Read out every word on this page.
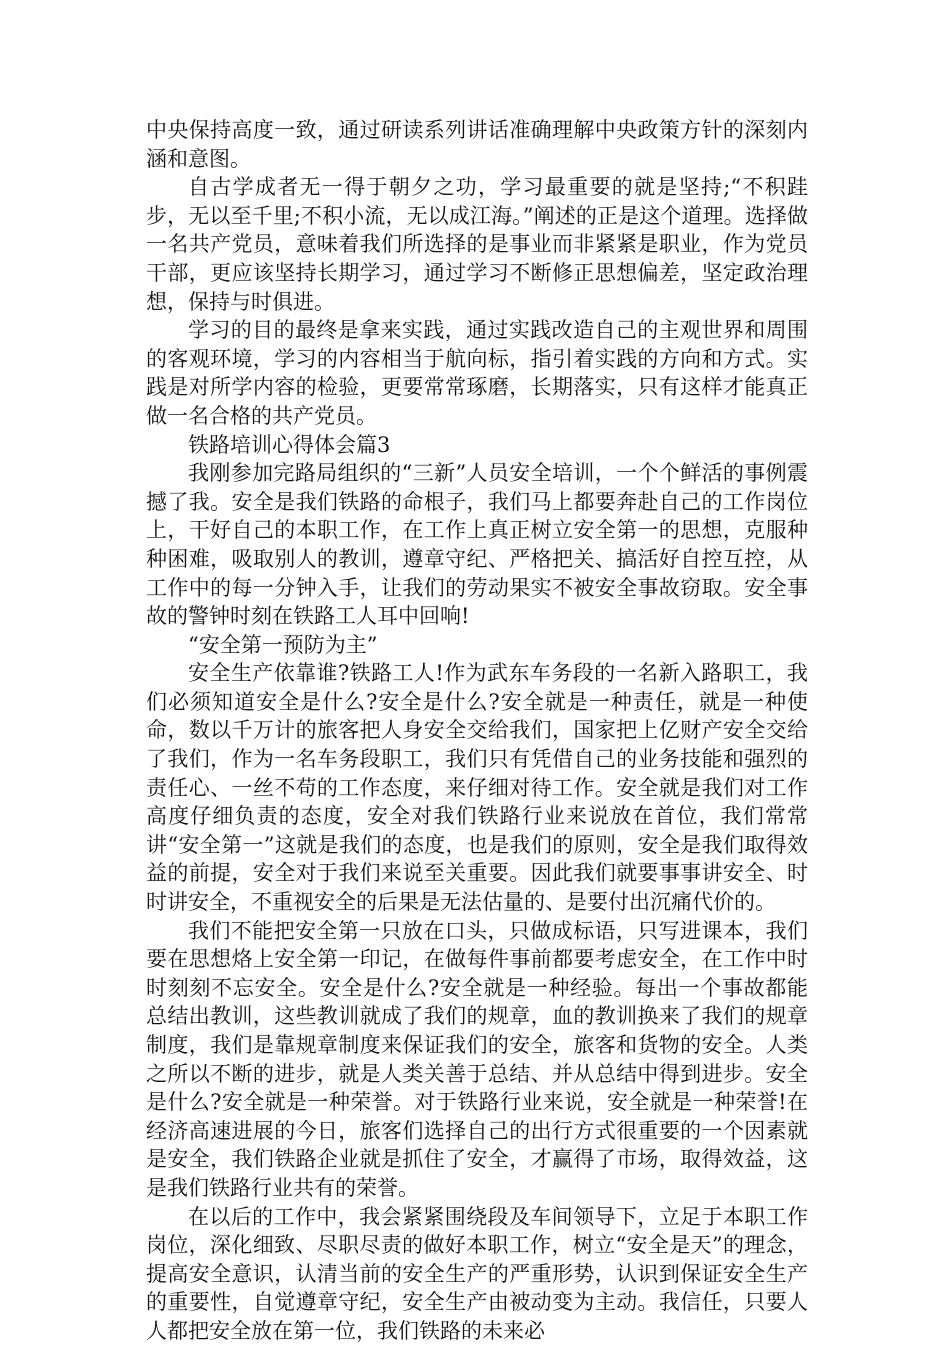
中央保持高度一致，通过研读系列讲话准确理解中央政策方针的深刻内涵和意图。

自古学成者无一得于朝夕之功，学习最重要的就是坚持;“不积跬步，无以至千里;不积小流，无以成江海。”阐述的正是这个道理。选择做一名共产党员，意味着我们所选择的是事业而非紧紧是职业，作为党员干部，更应该坚持长期学习，通过学习不断修正思想偏差，坚定政治理想，保持与时俱进。

学习的目的最终是拿来实践，通过实践改造自己的主观世界和周围的客观环境，学习的内容相当于航向标，指引着实践的方向和方式。实践是对所学内容的检验，更要常常琢磨，长期落实，只有这样才能真正做一名合格的共产党员。

铁路培训心得体会篇3

我刚参加完路局组织的“三新”人员安全培训，一个个鲜活的事例震撼了我。安全是我们铁路的命根子，我们马上都要奔赴自己的工作岗位上，干好自己的本职工作，在工作上真正树立安全第一的思想，克服种种困难，吸取别人的教训，遵章守纪、严格把关、搞活好自控互控，从工作中的每一分钟入手，让我们的劳动果实不被安全事故窃取。安全事故的警钟时刻在铁路工人耳中回响!

“安全第一预防为主”

安全生产依靠谁?铁路工人!作为武东车务段的一名新入路职工，我们必须知道安全是什么?安全是什么?安全就是一种责任，就是一种使命，数以千万计的旅客把人身安全交给我们，国家把上亿财产安全交给了我们，作为一名车务段职工，我们只有凭借自己的业务技能和强烈的责任心、一丝不苟的工作态度，来仔细对待工作。安全就是我们对工作高度仔细负责的态度，安全对我们铁路行业来说放在首位，我们常常讲“安全第一”这就是我们的态度，也是我们的原则，安全是我们取得效益的前提，安全对于我们来说至关重要。因此我们就要事事讲安全、时时讲安全，不重视安全的后果是无法估量的、是要付出沉痛代价的。

我们不能把安全第一只放在口头，只做成标语，只写进课本，我们要在思想烙上安全第一印记，在做每件事前都要考虑安全，在工作中时时刻刻不忘安全。安全是什么?安全就是一种经验。每出一个事故都能总结出教训，这些教训就成了我们的规章，血的教训换来了我们的规章制度，我们是靠规章制度来保证我们的安全，旅客和货物的安全。人类之所以不断的进步，就是人类关善于总结、并从总结中得到进步。安全是什么?安全就是一种荣誉。对于铁路行业来说，安全就是一种荣誉!在经济高速进展的今日，旅客们选择自己的出行方式很重要的一个因素就是安全，我们铁路企业就是抓住了安全，才赢得了市场，取得效益，这是我们铁路行业共有的荣誉。

在以后的工作中，我会紧紧围绕段及车间领导下，立足于本职工作岗位，深化细致、尽职尽责的做好本职工作，树立“安全是天”的理念，提高安全意识，认清当前的安全生产的严重形势，认识到保证安全生产的重要性，自觉遵章守纪，安全生产由被动变为主动。我信任，只要人人都把安全放在第一位，我们铁路的未来必
